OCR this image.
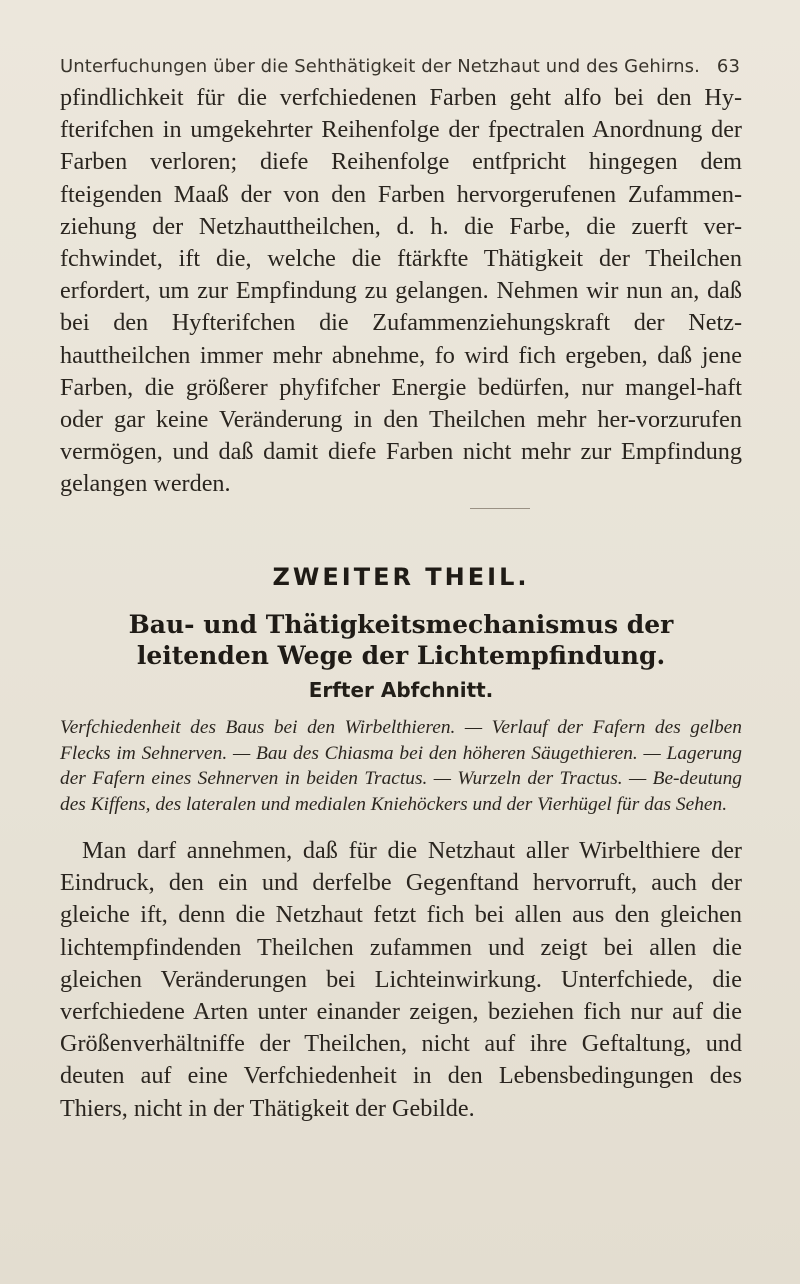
Unterfuchungen über die Sehthätigkeit der Netzhaut und des Gehirns. 63

pfindlichkeit für die verfchiedenen Farben geht alfo bei den Hy-fterifchen in umgekehrter Reihenfolge der fpectralen Anordnung der Farben verloren; diefe Reihenfolge entfpricht hingegen dem fteigenden Maaß der von den Farben hervorgerufenen Zufammen-ziehung der Netzhauttheilchen, d. h. die Farbe, die zuerft ver-fchwindet, ift die, welche die ftärkfte Thätigkeit der Theilchen erfordert, um zur Empfindung zu gelangen. Nehmen wir nun an, daß bei den Hyfterifchen die Zufammenziehungskraft der Netz-hauttheilchen immer mehr abnehme, fo wird fich ergeben, daß jene Farben, die größerer phyfifcher Energie bedürfen, nur mangel-haft oder gar keine Veränderung in den Theilchen mehr her-vorzurufen vermögen, und daß damit diefe Farben nicht mehr zur Empfindung gelangen werden.

ZWEITER THEIL.
Bau- und Thätigkeitsmechanismus der leitenden Wege der Lichtempfindung.
Erfter Abfchnitt.

Verfchiedenheit des Baus bei den Wirbelthieren. — Verlauf der Fafern des gelben Flecks im Sehnerven. — Bau des Chiasma bei den höheren Säugethieren. — Lagerung der Fafern eines Sehnerven in beiden Tractus. — Wurzeln der Tractus. — Be-deutung des Kiffens, des lateralen und medialen Kniehöckers und der Vierhügel für das Sehen.

Man darf annehmen, daß für die Netzhaut aller Wirbelthiere der Eindruck, den ein und derfelbe Gegenftand hervorruft, auch der gleiche ift, denn die Netzhaut fetzt fich bei allen aus den gleichen lichtempfindenden Theilchen zufammen und zeigt bei allen die gleichen Veränderungen bei Lichteinwirkung. Unterfchiede, die verfchiedene Arten unter einander zeigen, beziehen fich nur auf die Größenverhältniffe der Theilchen, nicht auf ihre Geftaltung, und deuten auf eine Verfchiedenheit in den Lebensbedingungen des Thiers, nicht in der Thätigkeit der Gebilde.
